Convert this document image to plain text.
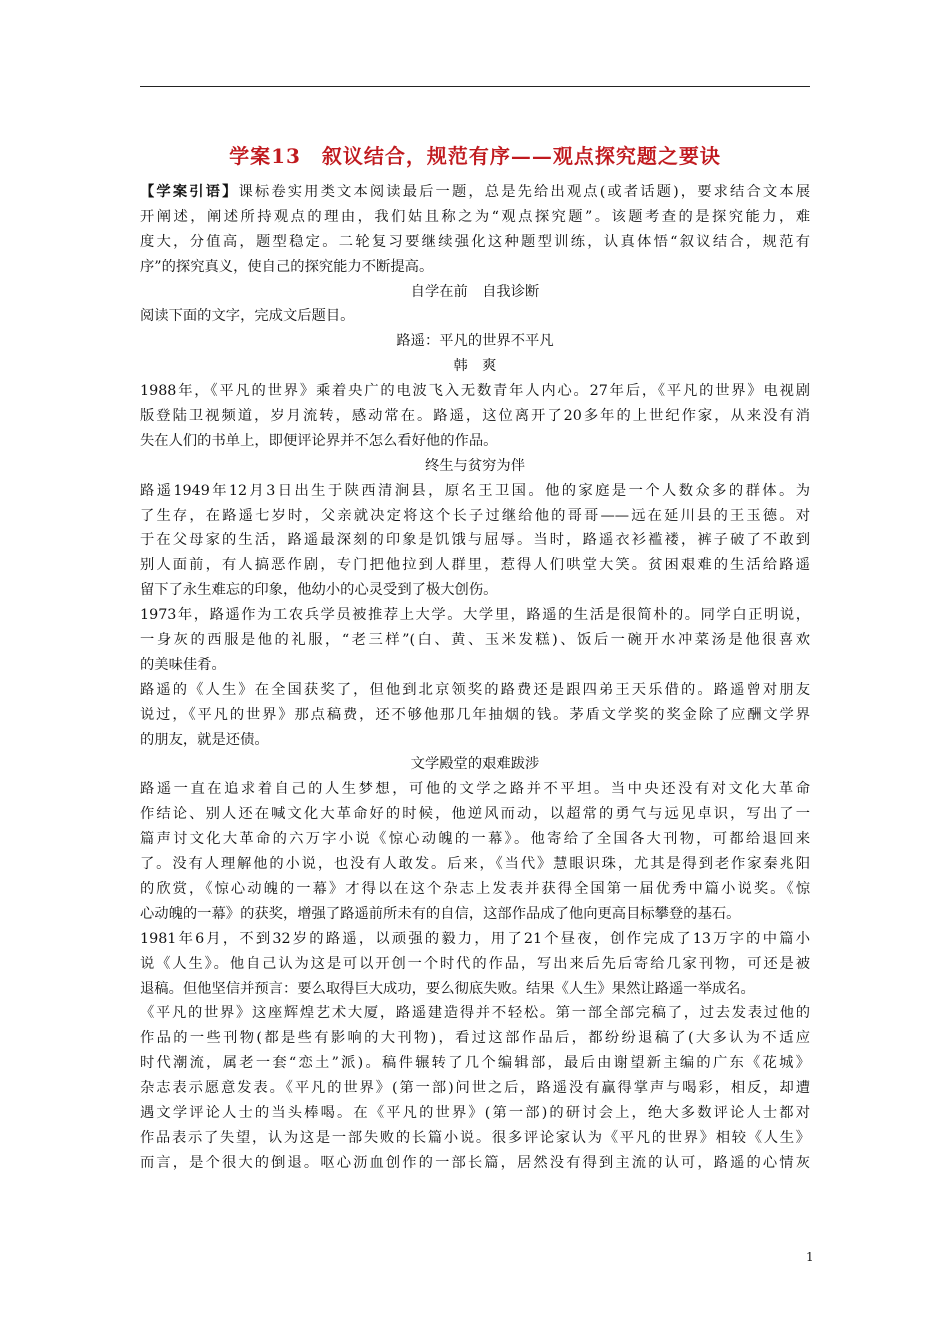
学案13　叙议结合，规范有序——观点探究题之要诀
【学案引语】课标卷实用类文本阅读最后一题，总是先给出观点(或者话题)，要求结合文本展
开阐述，阐述所持观点的理由，我们姑且称之为“观点探究题”。该题考查的是探究能力，难
度大，分值高，题型稳定。二轮复习要继续强化这种题型训练，认真体悟“叙议结合，规范有
序”的探究真义，使自己的探究能力不断提高。
自学在前　自我诊断
阅读下面的文字，完成文后题目。
路遥：平凡的世界不平凡
韩　爽
1988年，《平凡的世界》乘着央广的电波飞入无数青年人内心。27年后，《平凡的世界》电视剧
版登陆卫视频道，岁月流转，感动常在。路遥，这位离开了20多年的上世纪作家，从来没有消
失在人们的书单上，即便评论界并不怎么看好他的作品。
终生与贫穷为伴
路遥1949年12月3日出生于陕西清涧县，原名王卫国。他的家庭是一个人数众多的群体。为
了生存，在路遥七岁时，父亲就决定将这个长子过继给他的哥哥——远在延川县的王玉德。对
于在父母家的生活，路遥最深刻的印象是饥饿与屈辱。当时，路遥衣衫褴褛，裤子破了不敢到
别人面前，有人搞恶作剧，专门把他拉到人群里，惹得人们哄堂大笑。贫困艰难的生活给路遥
留下了永生难忘的印象，他幼小的心灵受到了极大创伤。
1973年，路遥作为工农兵学员被推荐上大学。大学里，路遥的生活是很简朴的。同学白正明说，
一身灰的西服是他的礼服，“老三样”(白、黄、玉米发糕)、饭后一碗开水冲菜汤是他很喜欢
的美味佳肴。
路遥的《人生》在全国获奖了，但他到北京领奖的路费还是跟四弟王天乐借的。路遥曾对朋友
说过，《平凡的世界》那点稿费，还不够他那几年抽烟的钱。茅盾文学奖的奖金除了应酬文学界
的朋友，就是还债。
文学殿堂的艰难跋涉
路遥一直在追求着自己的人生梦想，可他的文学之路并不平坦。当中央还没有对文化大革命
作结论、别人还在喊文化大革命好的时候，他逆风而动，以超常的勇气与远见卓识，写出了一
篇声讨文化大革命的六万字小说《惊心动魄的一幕》。他寄给了全国各大刊物，可都给退回来
了。没有人理解他的小说，也没有人敢发。后来，《当代》慧眼识珠，尤其是得到老作家秦兆阳
的欣赏，《惊心动魄的一幕》才得以在这个杂志上发表并获得全国第一届优秀中篇小说奖。《惊
心动魄的一幕》的获奖，增强了路遥前所未有的自信，这部作品成了他向更高目标攀登的基石。
1981年6月，不到32岁的路遥，以顽强的毅力，用了21个昼夜，创作完成了13万字的中篇小
说《人生》。他自己认为这是可以开创一个时代的作品，写出来后先后寄给几家刊物，可还是被
退稿。但他坚信并预言：要么取得巨大成功，要么彻底失败。结果《人生》果然让路遥一举成名。
《平凡的世界》这座辉煌艺术大厦，路遥建造得并不轻松。第一部全部完稿了，过去发表过他的
作品的一些刊物(都是些有影响的大刊物)，看过这部作品后，都纷纷退稿了(大多认为不适应
时代潮流，属老一套“恋土”派)。稿件辗转了几个编辑部，最后由谢望新主编的广东《花城》
杂志表示愿意发表。《平凡的世界》(第一部)问世之后，路遥没有赢得掌声与喝彩，相反，却遭
遇文学评论人士的当头棒喝。在《平凡的世界》(第一部)的研讨会上，绝大多数评论人士都对
作品表示了失望，认为这是一部失败的长篇小说。很多评论家认为《平凡的世界》相较《人生》
而言，是个很大的倒退。呕心沥血创作的一部长篇，居然没有得到主流的认可，路遥的心情灰
1
